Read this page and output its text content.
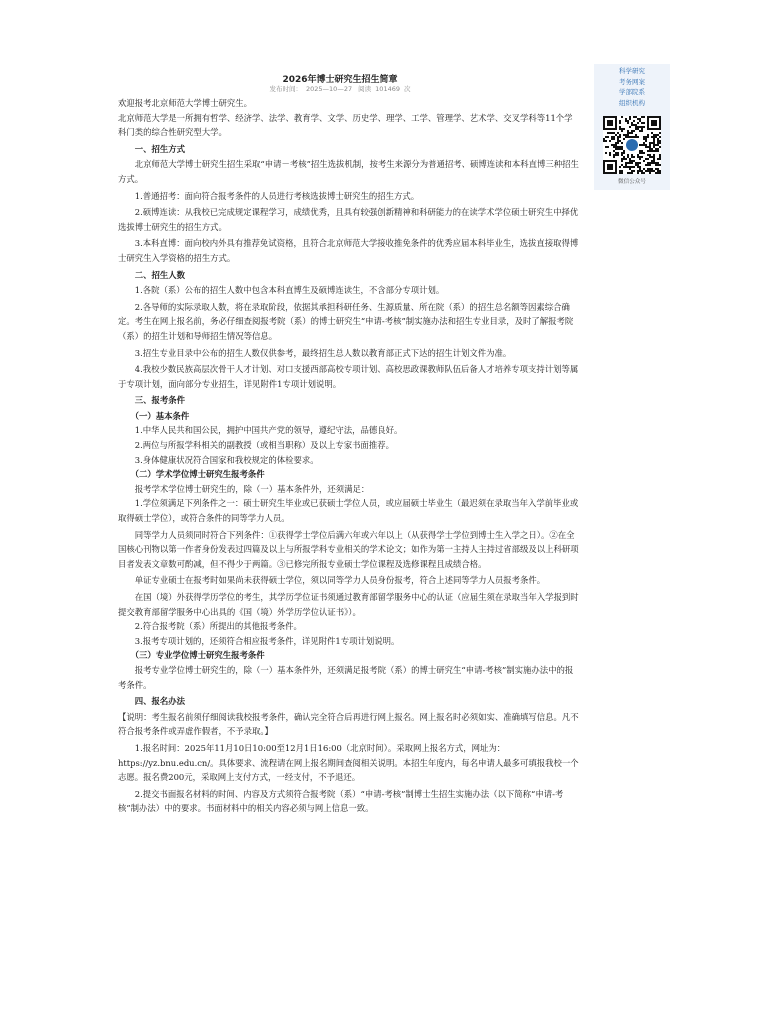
2026年博士研究生招生简章
发布时间： 2025—10—27 阅读 101469 次

欢迎报考北京师范大学博士研究生。

北京师范大学是一所拥有哲学、经济学、法学、教育学、文学、历史学、理学、工学、管理学、艺术学、交叉学科等11个学科门类的综合性研究型大学。

一、招生方式

北京师范大学博士研究生招生采取“申请－考核”招生选拔机制，按考生来源分为普通招考、硕博连读和本科直博三种招生方式。

1.普通招考：面向符合报考条件的人员进行考核选拔博士研究生的招生方式。

2.硕博连读：从我校已完成规定课程学习，成绩优秀，且具有较强创新精神和科研能力的在读学术学位硕士研究生中择优选拔博士研究生的招生方式。

3.本科直博：面向校内外具有推荐免试资格，且符合北京师范大学接收推免条件的优秀应届本科毕业生，选拔直接取得博士研究生入学资格的招生方式。

二、招生人数

1.各院（系）公布的招生人数中包含本科直博生及硕博连读生，不含部分专项计划。

2.各导师的实际录取人数，将在录取阶段，依据其承担科研任务、生源质量、所在院（系）的招生总名额等因素综合确定。考生在网上报名前，务必仔细查阅报考院（系）的博士研究生“申请-考核”制实施办法和招生专业目录，及时了解报考院（系）的招生计划和导师招生情况等信息。

3.招生专业目录中公布的招生人数仅供参考，最终招生总人数以教育部正式下达的招生计划文件为准。

4.我校少数民族高层次骨干人才计划、对口支援西部高校专项计划、高校思政课教师队伍后备人才培养专项支持计划等属于专项计划，面向部分专业招生，详见附件1专项计划说明。

三、报考条件

（一）基本条件

1.中华人民共和国公民，拥护中国共产党的领导，遵纪守法，品德良好。

2.两位与所报学科相关的副教授（或相当职称）及以上专家书面推荐。

3.身体健康状况符合国家和我校规定的体检要求。

（二）学术学位博士研究生报考条件

报考学术学位博士研究生的，除（一）基本条件外，还须满足：

1.学位须满足下列条件之一：硕士研究生毕业或已获硕士学位人员，或应届硕士毕业生（最迟须在录取当年入学前毕业或取得硕士学位），或符合条件的同等学力人员。

同等学力人员须同时符合下列条件：①获得学士学位后满六年或六年以上（从获得学士学位到博士生入学之日）。②在全国核心刊物以第一作者身份发表过四篇及以上与所报学科专业相关的学术论文；如作为第一主持人主持过省部级及以上科研项目者发表文章数可酌减，但不得少于两篇。③已修完所报专业硕士学位课程及选修课程且成绩合格。

单证专业硕士在报考时如果尚未获得硕士学位，须以同等学力人员身份报考，符合上述同等学力人员报考条件。

在国（境）外获得学历学位的考生，其学历学位证书须通过教育部留学服务中心的认证（应届生须在录取当年入学报到时提交教育部留学服务中心出具的《国（境）外学历学位认证书》）。

2.符合报考院（系）所提出的其他报考条件。

3.报考专项计划的，还须符合相应报考条件，详见附件1专项计划说明。

（三）专业学位博士研究生报考条件

报考专业学位博士研究生的，除（一）基本条件外，还须满足报考院（系）的博士研究生“申请-考核”制实施办法中的报考条件。

四、报名办法

【说明：考生报名前须仔细阅读我校报考条件，确认完全符合后再进行网上报名。网上报名时必须如实、准确填写信息。凡不符合报考条件或弄虚作假者，不予录取。】

1.报名时间：2025年11月10日10:00至12月1日16:00（北京时间）。采取网上报名方式，网址为：https://yz.bnu.edu.cn/。具体要求、流程请在网上报名期间查阅相关说明。本招生年度内，每名申请人最多可填报我校一个志愿。报名费200元，采取网上支付方式，一经支付，不予退还。

2.提交书面报名材料的时间、内容及方式须符合报考院（系）“申请-考核”制博士生招生实施办法（以下简称“申请-考核”制办法）中的要求。书面材料中的相关内容必须与网上信息一致。

科学研究
考务网案
学部院系
组织机构
微信公众号
